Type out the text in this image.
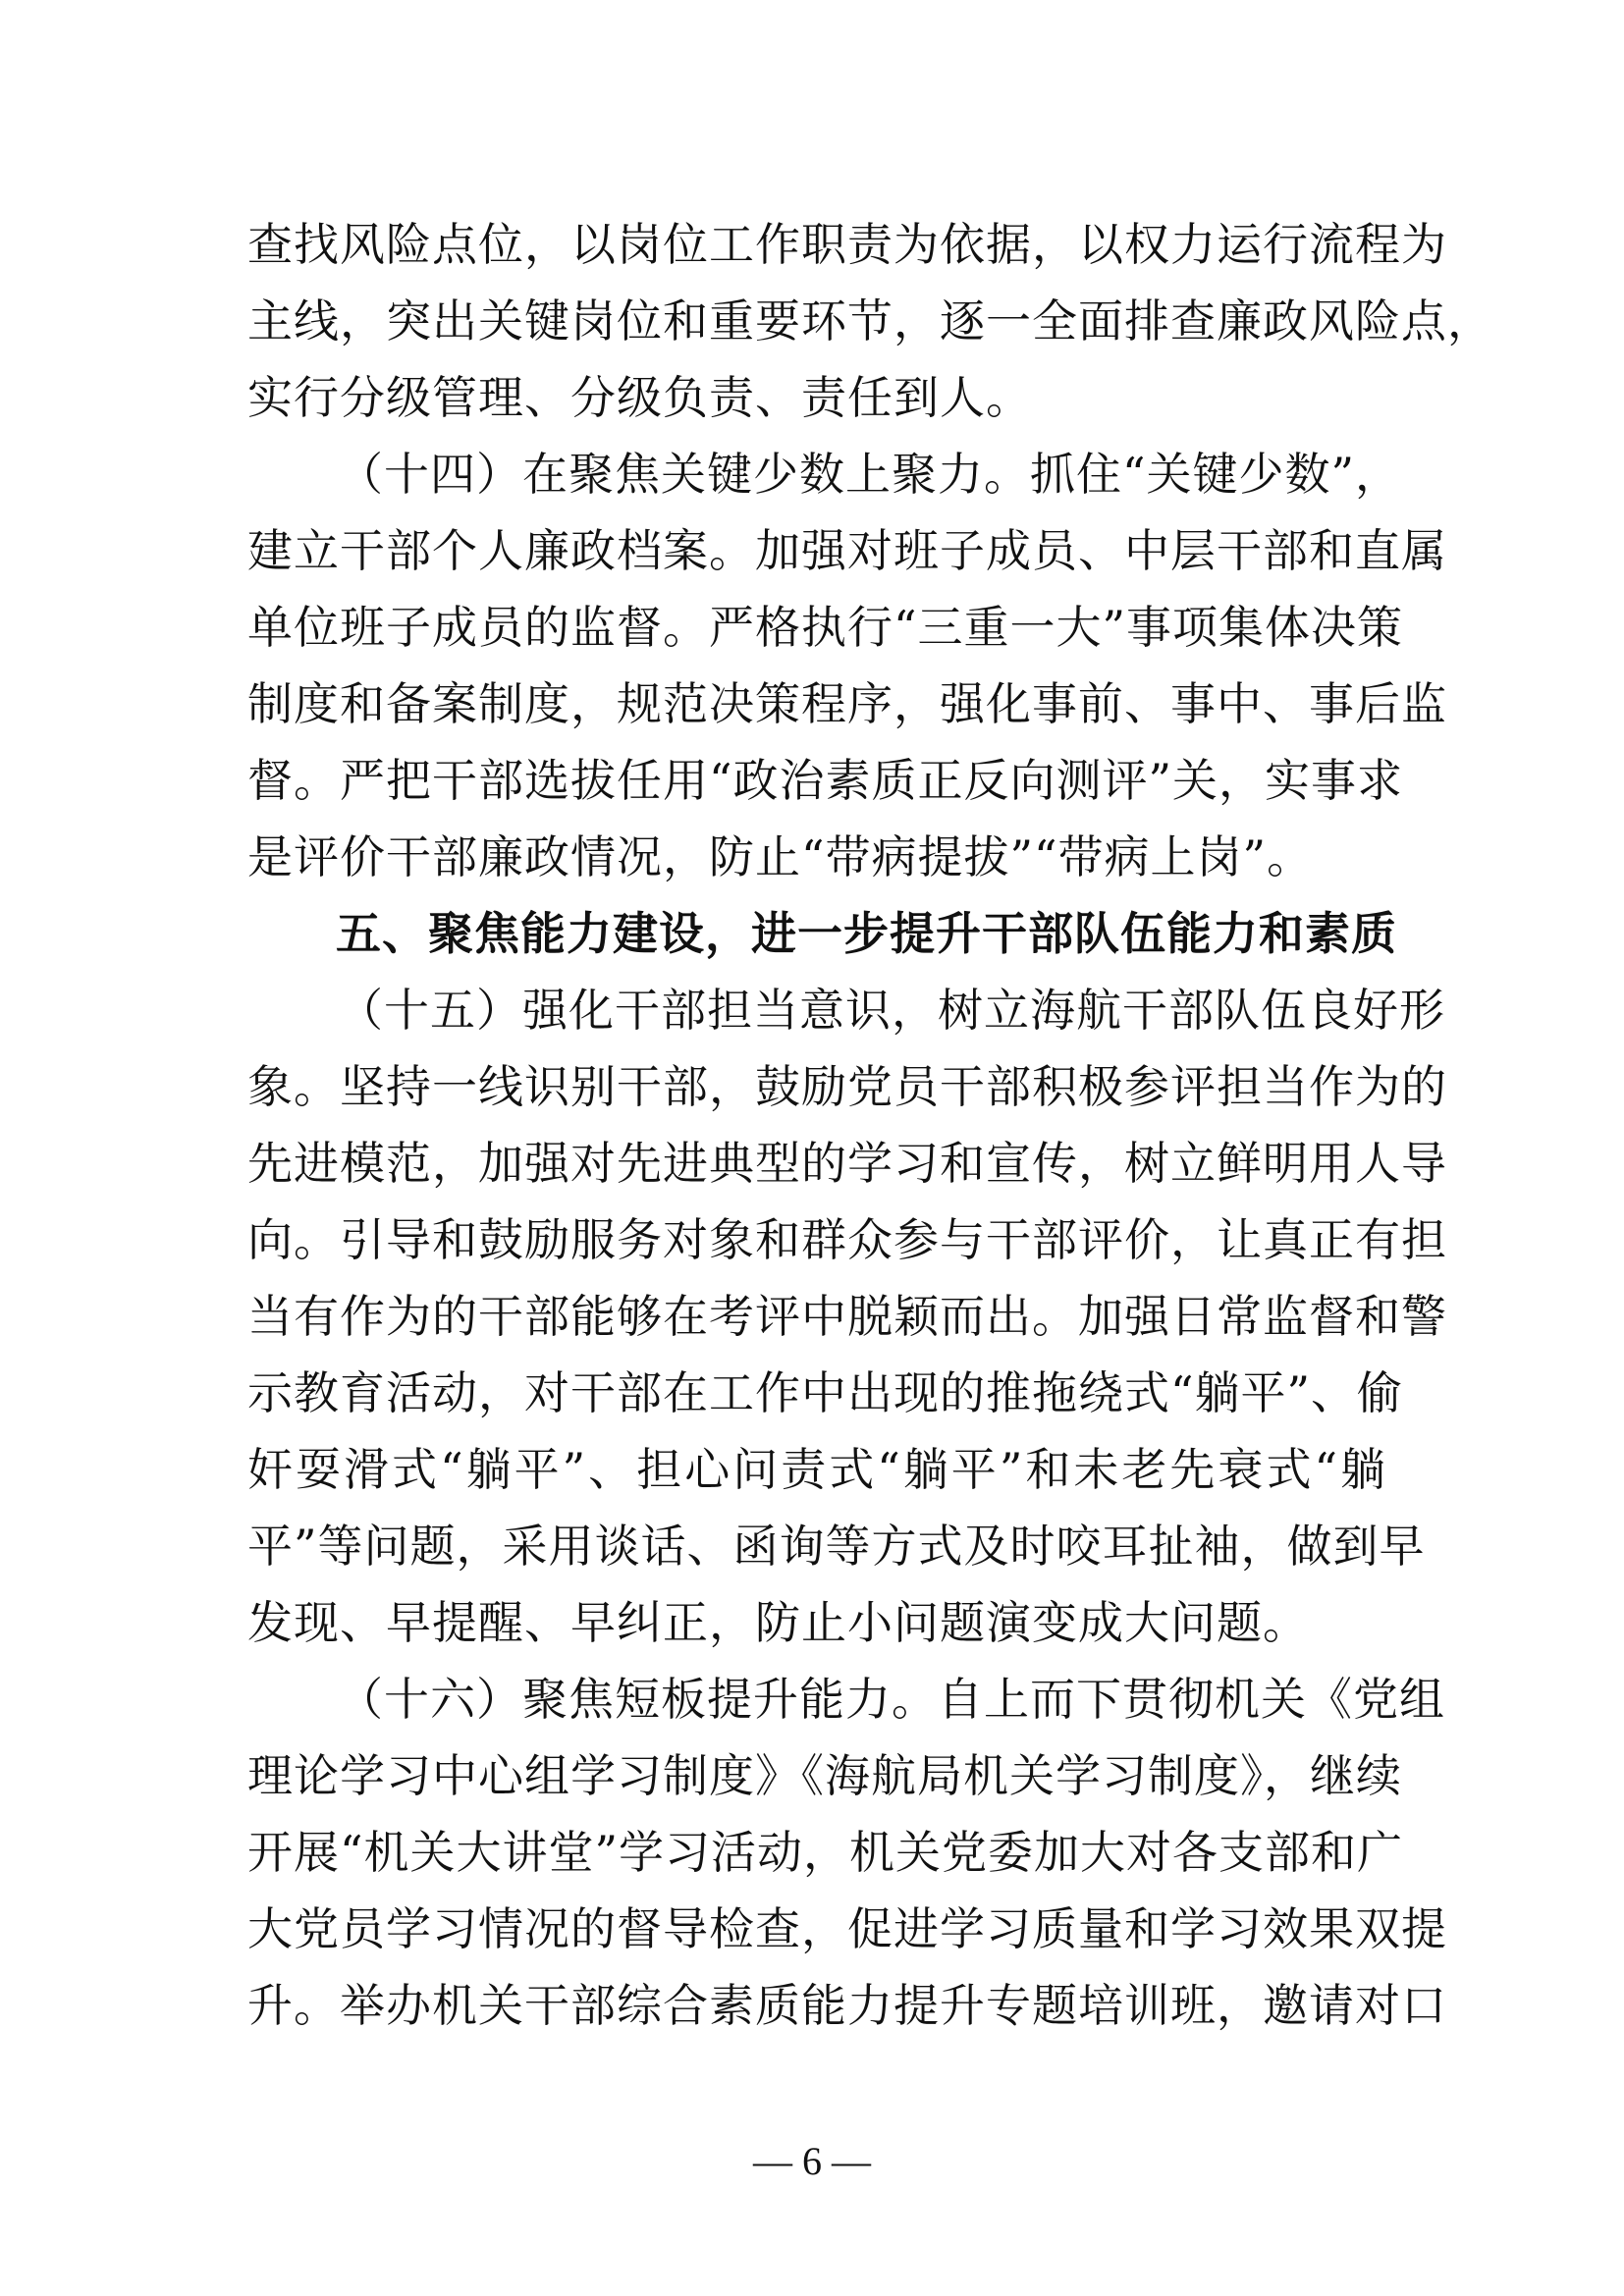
查找风险点位，以岗位工作职责为依据，以权力运行流程为
主线，突出关键岗位和重要环节，逐一全面排查廉政风险点，
实行分级管理、分级负责、责任到人。
（十四）在聚焦关键少数上聚力。抓住“关键少数”，
建立干部个人廉政档案。加强对班子成员、中层干部和直属
单位班子成员的监督。严格执行“三重一大”事项集体决策
制度和备案制度，规范决策程序，强化事前、事中、事后监
督。严把干部选拔任用“政治素质正反向测评”关，实事求
是评价干部廉政情况，防止“带病提拔”“带病上岗”。
五、聚焦能力建设，进一步提升干部队伍能力和素质
（十五）强化干部担当意识，树立海航干部队伍良好形
象。坚持一线识别干部，鼓励党员干部积极参评担当作为的
先进模范，加强对先进典型的学习和宣传，树立鲜明用人导
向。引导和鼓励服务对象和群众参与干部评价，让真正有担
当有作为的干部能够在考评中脱颖而出。加强日常监督和警
示教育活动，对干部在工作中出现的推拖绕式“躺平”、偷
奸耍滑式“躺平”、担心问责式“躺平”和未老先衰式“躺
平”等问题，采用谈话、函询等方式及时咬耳扯袖，做到早
发现、早提醒、早纠正，防止小问题演变成大问题。
（十六）聚焦短板提升能力。自上而下贯彻机关《党组
理论学习中心组学习制度》《海航局机关学习制度》，继续
开展“机关大讲堂”学习活动，机关党委加大对各支部和广
大党员学习情况的督导检查，促进学习质量和学习效果双提
升。举办机关干部综合素质能力提升专题培训班，邀请对口
— 6 —
